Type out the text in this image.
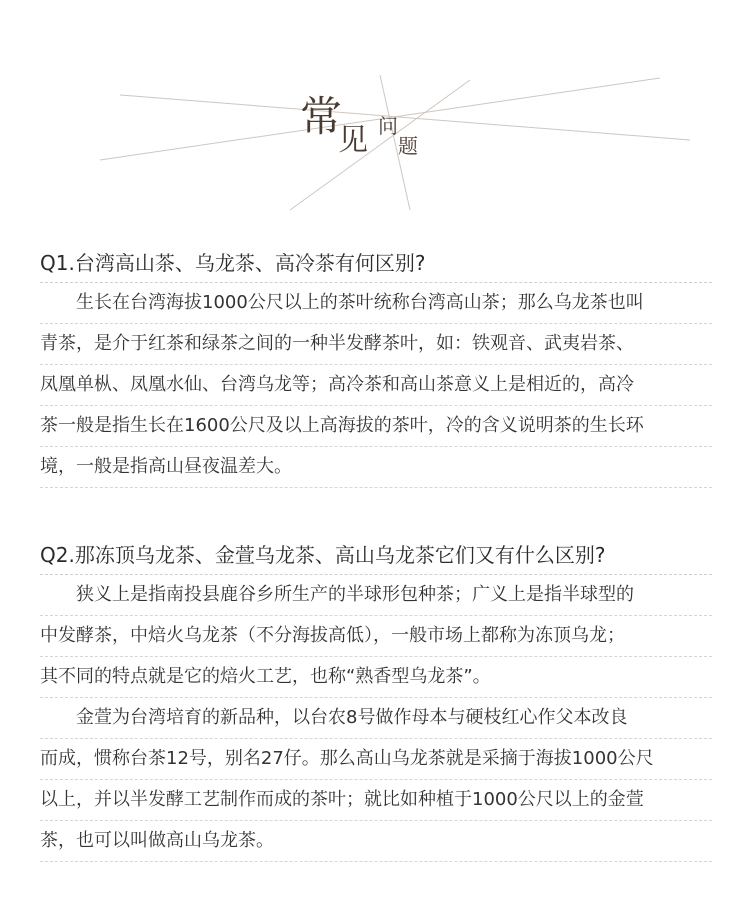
常
见 问
题
Q1.台湾高山茶、乌龙茶、高冷茶有何区别?
生长在台湾海拔1000公尺以上的茶叶统称台湾高山茶；那么乌龙茶也叫
青茶，是介于红茶和绿茶之间的一种半发酵茶叶，如：铁观音、武夷岩茶、
凤凰单枞、凤凰水仙、台湾乌龙等；高冷茶和高山茶意义上是相近的，高冷
茶一般是指生长在1600公尺及以上高海拔的茶叶，冷的含义说明茶的生长环
境，一般是指高山昼夜温差大。
Q2.那冻顶乌龙茶、金萱乌龙茶、高山乌龙茶它们又有什么区别?
狭义上是指南投县鹿谷乡所生产的半球形包种茶；广义上是指半球型的
中发酵茶，中焙火乌龙茶（不分海拔高低），一般市场上都称为冻顶乌龙；
其不同的特点就是它的焙火工艺，也称“熟香型乌龙茶”。
金萱为台湾培育的新品种，以台农8号做作母本与硬枝红心作父本改良
而成，惯称台茶12号，别名27仔。那么高山乌龙茶就是采摘于海拔1000公尺
以上，并以半发酵工艺制作而成的茶叶；就比如种植于1000公尺以上的金萱
茶，也可以叫做高山乌龙茶。
